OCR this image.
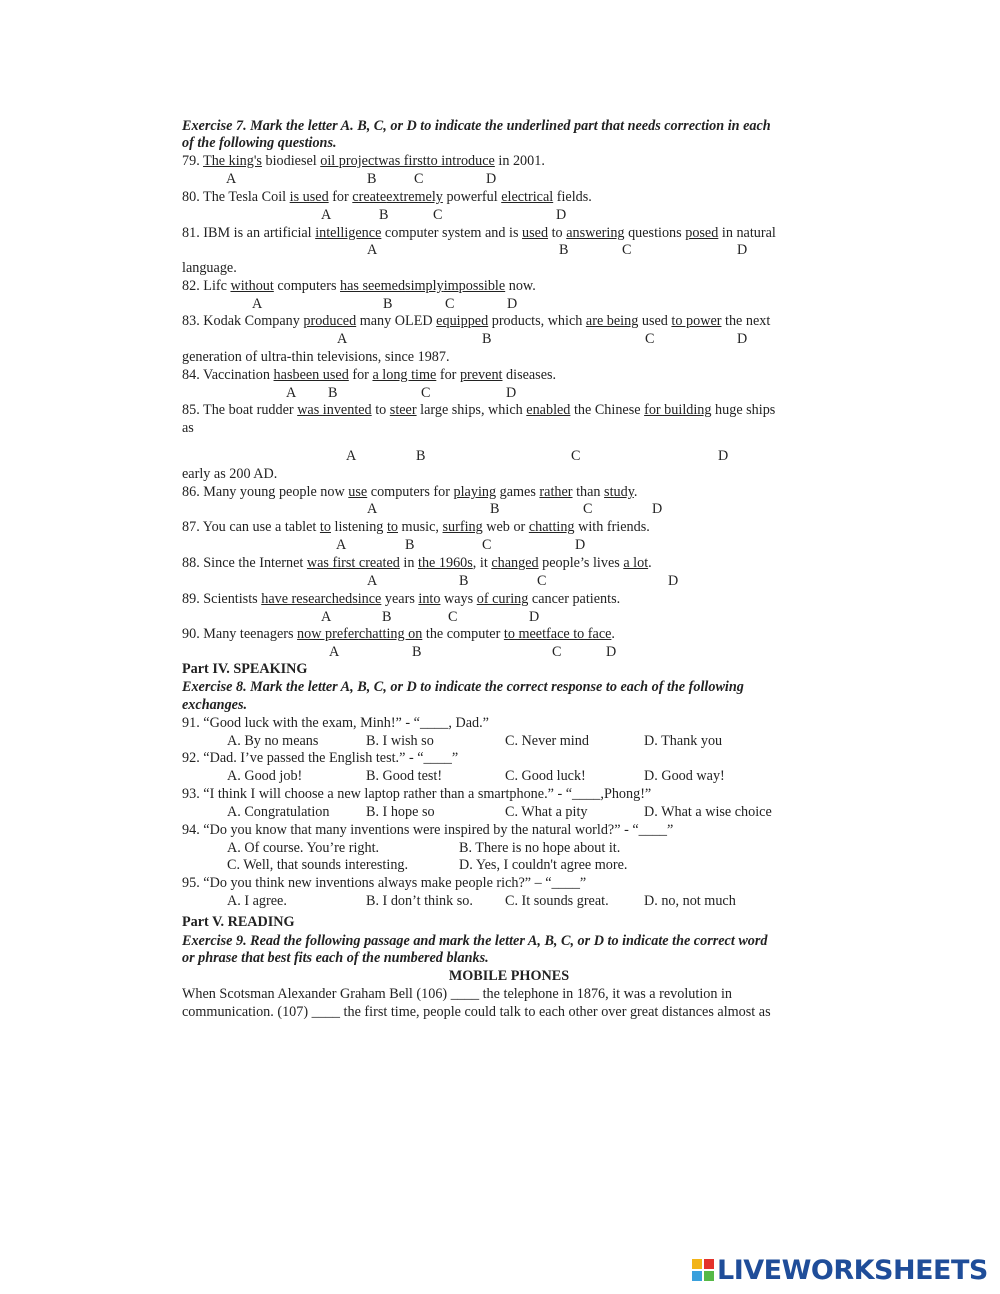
Exercise 7. Mark the letter A. B, C, or D to indicate the underlined part that needs correction in each
of the following questions.
79. The king's biodiesel oil projectwas firstto introduce in 2001.
A	B	C	D
80. The Tesla Coil is used for createextremely powerful electrical fields.
A	B	C	D
81. IBM is an artificial intelligence computer system and is used to answering questions posed in natural
A	B	C	D
language.
82. Lifc without computers has seemedsimplyimpossible now.
A	B	C	D
83. Kodak Company produced many OLED equipped products, which are being used to power the next
A	B	C	D
generation of ultra-thin televisions, since 1987.
84. Vaccination hasbeen used for a long time for prevent diseases.
A B	C	D
85. The boat rudder was invented to steer large ships, which enabled the Chinese for building huge ships
as
A	B	C	D
early as 200 AD.
86. Many young people now use computers for playing games rather than study.
A	B	C	D
87. You can use a tablet to listening to music, surfing web or chatting with friends.
A	B	C	D
88. Since the Internet was first created in the 1960s, it changed people’s lives a lot.
A	B	C	D
89. Scientists have researchedsince years into ways of curing cancer patients.
A	B	C	D
90. Many teenagers now preferchatting on the computer to meetface to face.
A	B	C	D
Part IV. SPEAKING
Exercise 8. Mark the letter A, B, C, or D to indicate the correct response to each of the following
exchanges.
91. “Good luck with the exam, Minh!” - “____, Dad.”
A. By no means	B. I wish so	C. Never mind	D. Thank you
92. “Dad. I’ve passed the English test.” - “____”
A. Good job!	B. Good test!	C. Good luck!	D. Good way!
93. “I think I will choose a new laptop rather than a smartphone.” - “____,Phong!”
A. Congratulation	B. I hope so	C. What a pity	D. What a wise choice
94. “Do you know that many inventions were inspired by the natural world?” - “____”
A. Of course. You’re right.	B. There is no hope about it.
C. Well, that sounds interesting.	D. Yes, I couldn't agree more.
95. “Do you think new inventions always make people rich?” – “____”
A. I agree.	B. I don’t think so. C. It sounds great. D. no, not much
Part V. READING
Exercise 9. Read the following passage and mark the letter A, B, C, or D to indicate the correct word
or phrase that best fits each of the numbered blanks.
MOBILE PHONES
When Scotsman Alexander Graham Bell (106) ____ the telephone in 1876, it was a revolution in
communication. (107) ____ the first time, people could talk to each other over great distances almost as
LIVEWORKSHEETS
